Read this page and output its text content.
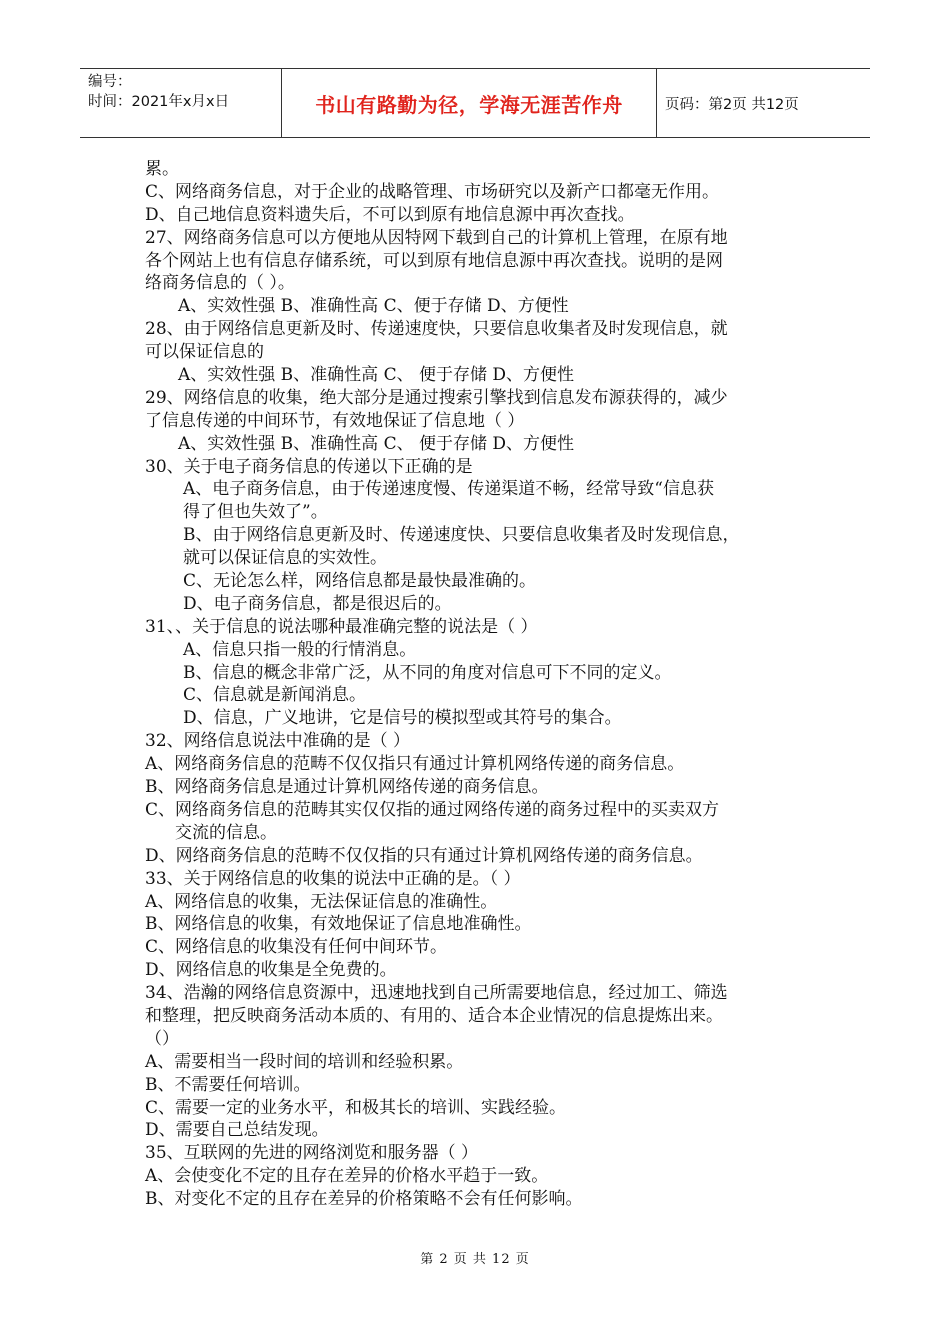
编号：
时间：2021年x月x日	书山有路勤为径，学海无涯苦作舟	页码：第2页 共12页
累。
C、网络商务信息，对于企业的战略管理、市场研究以及新产口都毫无作用。
D、自己地信息资料遗失后，不可以到原有地信息源中再次查找。
27、网络商务信息可以方便地从因特网下载到自己的计算机上管理，在原有地
各个网站上也有信息存储系统，可以到原有地信息源中再次查找。说明的是网
络商务信息的（ ）。
A、实效性强 B、准确性高 C、便于存储 D、方便性
28、由于网络信息更新及时、传递速度快，只要信息收集者及时发现信息，就
可以保证信息的
A、实效性强 B、准确性高 C、 便于存储 D、方便性
29、网络信息的收集，绝大部分是通过搜索引擎找到信息发布源获得的，减少
了信息传递的中间环节，有效地保证了信息地（ ）
A、实效性强 B、准确性高 C、 便于存储 D、方便性
30、关于电子商务信息的传递以下正确的是
A、电子商务信息，由于传递速度慢、传递渠道不畅，经常导致“信息获
得了但也失效了”。
B、由于网络信息更新及时、传递速度快、只要信息收集者及时发现信息，
就可以保证信息的实效性。
C、无论怎么样，网络信息都是最快最准确的。
D、电子商务信息，都是很迟后的。
31、、关于信息的说法哪种最准确完整的说法是（ ）
A、信息只指一般的行情消息。
B、信息的概念非常广泛，从不同的角度对信息可下不同的定义。
C、信息就是新闻消息。
D、信息，广义地讲，它是信号的模拟型或其符号的集合。
32、网络信息说法中准确的是（ ）
A、网络商务信息的范畴不仅仅指只有通过计算机网络传递的商务信息。
B、网络商务信息是通过计算机网络传递的商务信息。
C、网络商务信息的范畴其实仅仅指的通过网络传递的商务过程中的买卖双方
交流的信息。
D、网络商务信息的范畴不仅仅指的只有通过计算机网络传递的商务信息。
33、关于网络信息的收集的说法中正确的是。（ ）
A、网络信息的收集，无法保证信息的准确性。
B、网络信息的收集，有效地保证了信息地准确性。
C、网络信息的收集没有任何中间环节。
D、网络信息的收集是全免费的。
34、浩瀚的网络信息资源中，迅速地找到自己所需要地信息，经过加工、筛选
和整理，把反映商务活动本质的、有用的、适合本企业情况的信息提炼出来。
（）
A、需要相当一段时间的培训和经验积累。
B、不需要任何培训。
C、需要一定的业务水平，和极其长的培训、实践经验。
D、需要自己总结发现。
35、互联网的先进的网络浏览和服务器（ ）
A、会使变化不定的且存在差异的价格水平趋于一致。
B、对变化不定的且存在差异的价格策略不会有任何影响。
第 2 页 共 12 页
